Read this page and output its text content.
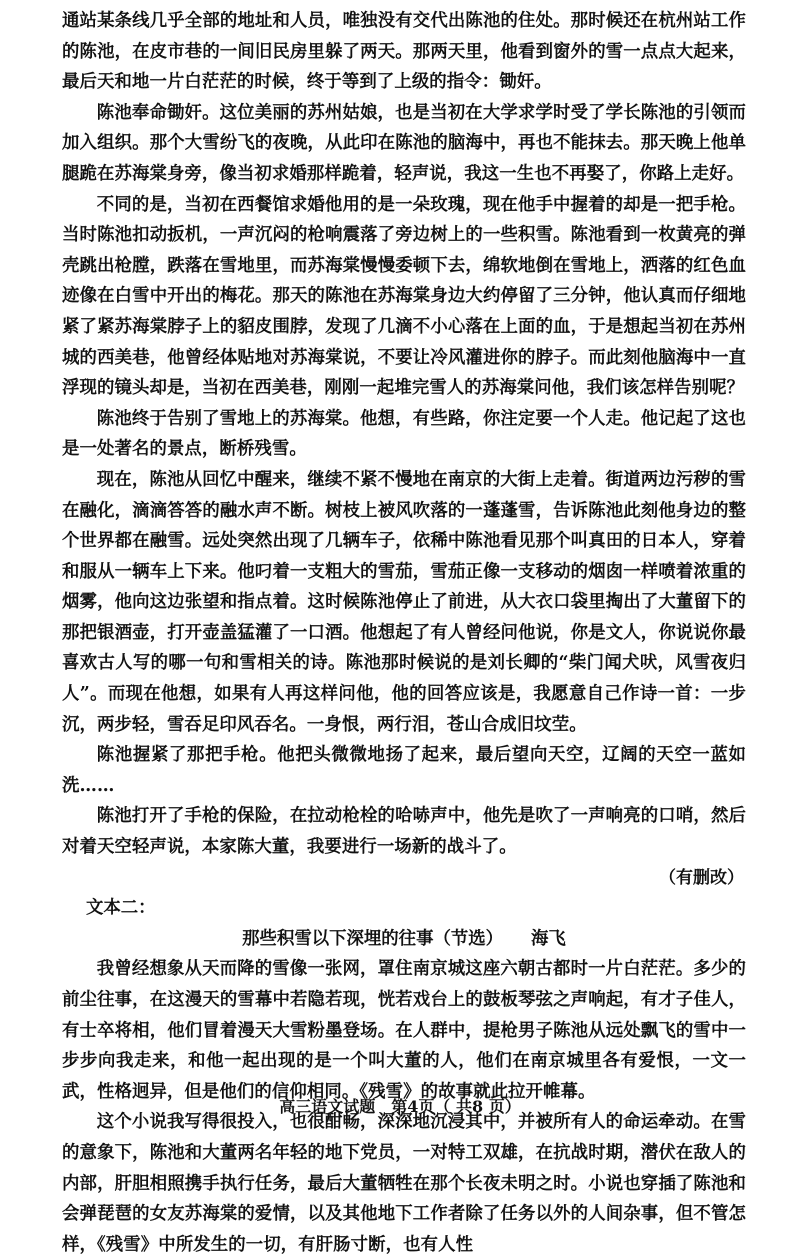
通站某条线几乎全部的地址和人员，唯独没有交代出陈池的住处。那时候还在杭州站工作的陈池，在皮市巷的一间旧民房里躲了两天。那两天里，他看到窗外的雪一点点大起来，最后天和地一片白茫茫的时候，终于等到了上级的指令：锄奸。

陈池奉命锄奸。这位美丽的苏州姑娘，也是当初在大学求学时受了学长陈池的引领而加入组织。那个大雪纷飞的夜晚，从此印在陈池的脑海中，再也不能抹去。那天晚上他单腿跪在苏海棠身旁，像当初求婚那样跪着，轻声说，我这一生也不再娶了，你路上走好。

不同的是，当初在西餐馆求婚他用的是一朵玫瑰，现在他手中握着的却是一把手枪。当时陈池扣动扳机，一声沉闷的枪响震落了旁边树上的一些积雪。陈池看到一枚黄亮的弹壳跳出枪膛，跌落在雪地里，而苏海棠慢慢委顿下去，绵软地倒在雪地上，洒落的红色血迹像在白雪中开出的梅花。那天的陈池在苏海棠身边大约停留了三分钟，他认真而仔细地紧了紧苏海棠脖子上的貂皮围脖，发现了几滴不小心落在上面的血，于是想起当初在苏州城的西美巷，他曾经体贴地对苏海棠说，不要让冷风灌进你的脖子。而此刻他脑海中一直浮现的镜头却是，当初在西美巷，刚刚一起堆完雪人的苏海棠问他，我们该怎样告别呢？

陈池终于告别了雪地上的苏海棠。他想，有些路，你注定要一个人走。他记起了这也是一处著名的景点，断桥残雪。

现在，陈池从回忆中醒来，继续不紧不慢地在南京的大街上走着。街道两边污秽的雪在融化，滴滴答答的融水声不断。树枝上被风吹落的一蓬蓬雪，告诉陈池此刻他身边的整个世界都在融雪。远处突然出现了几辆车子，依稀中陈池看见那个叫真田的日本人，穿着和服从一辆车上下来。他叼着一支粗大的雪茄，雪茄正像一支移动的烟囱一样喷着浓重的烟雾，他向这边张望和指点着。这时候陈池停止了前进，从大衣口袋里掏出了大董留下的那把银酒壶，打开壶盖猛灌了一口酒。他想起了有人曾经问他说，你是文人，你说说你最喜欢古人写的哪一句和雪相关的诗。陈池那时候说的是刘长卿的“柴门闻犬吠，风雪夜归人”。而现在他想，如果有人再这样问他，他的回答应该是，我愿意自己作诗一首：一步沉，两步轻，雪吞足印风吞名。一身恨，两行泪，苍山合成旧坟茔。

陈池握紧了那把手枪。他把头微微地扬了起来，最后望向天空，辽阔的天空一蓝如洗……

陈池打开了手枪的保险，在拉动枪栓的哈哧声中，他先是吹了一声响亮的口哨，然后对着天空轻声说，本家陈大董，我要进行一场新的战斗了。

（有删改）

文本二：

那些积雪以下深埋的往事（节选） 海飞

我曾经想象从天而降的雪像一张网，罩住南京城这座六朝古都时一片白茫茫。多少的前尘往事，在这漫天的雪幕中若隐若现，恍若戏台上的鼓板琴弦之声响起，有才子佳人，有士卒将相，他们冒着漫天大雪粉墨登场。在人群中，提枪男子陈池从远处飘飞的雪中一步步向我走来，和他一起出现的是一个叫大董的人，他们在南京城里各有爱恨，一文一武，性格迥异，但是他们的信仰相同。《残雪》的故事就此拉开帷幕。

这个小说我写得很投入，也很酣畅，深深地沉浸其中，并被所有人的命运牵动。在雪的意象下，陈池和大董两名年轻的地下党员，一对特工双雄，在抗战时期，潜伏在敌人的内部，肝胆相照携手执行任务，最后大董牺牲在那个长夜未明之时。小说也穿插了陈池和会弹琵琶的女友苏海棠的爱情，以及其他地下工作者除了任务以外的人间杂事，但不管怎样，《残雪》中所发生的一切，有肝肠寸断，也有人性

高三语文试题　第4页（ 共8 页）
